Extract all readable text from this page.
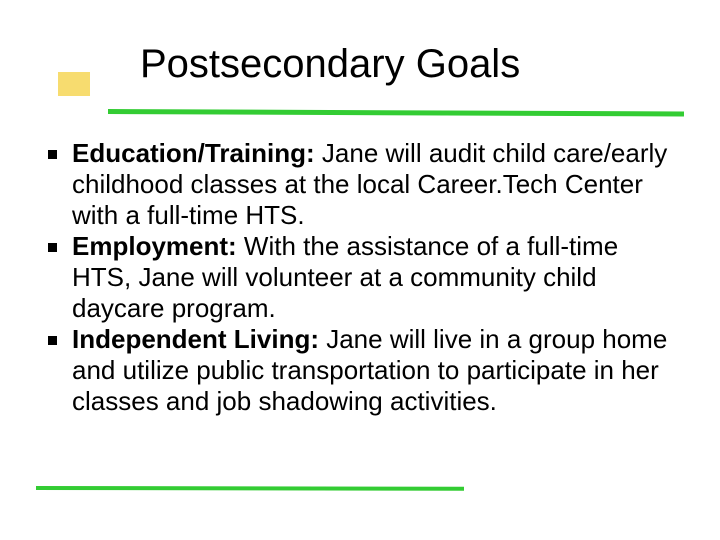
Postsecondary Goals
Education/Training: Jane will audit child care/early childhood classes at the local Career.Tech Center with a full-time HTS.
Employment: With the assistance of a full-time HTS, Jane will volunteer at a community child daycare program.
Independent Living: Jane will live in a group home and utilize public transportation to participate in her classes and job shadowing activities.
